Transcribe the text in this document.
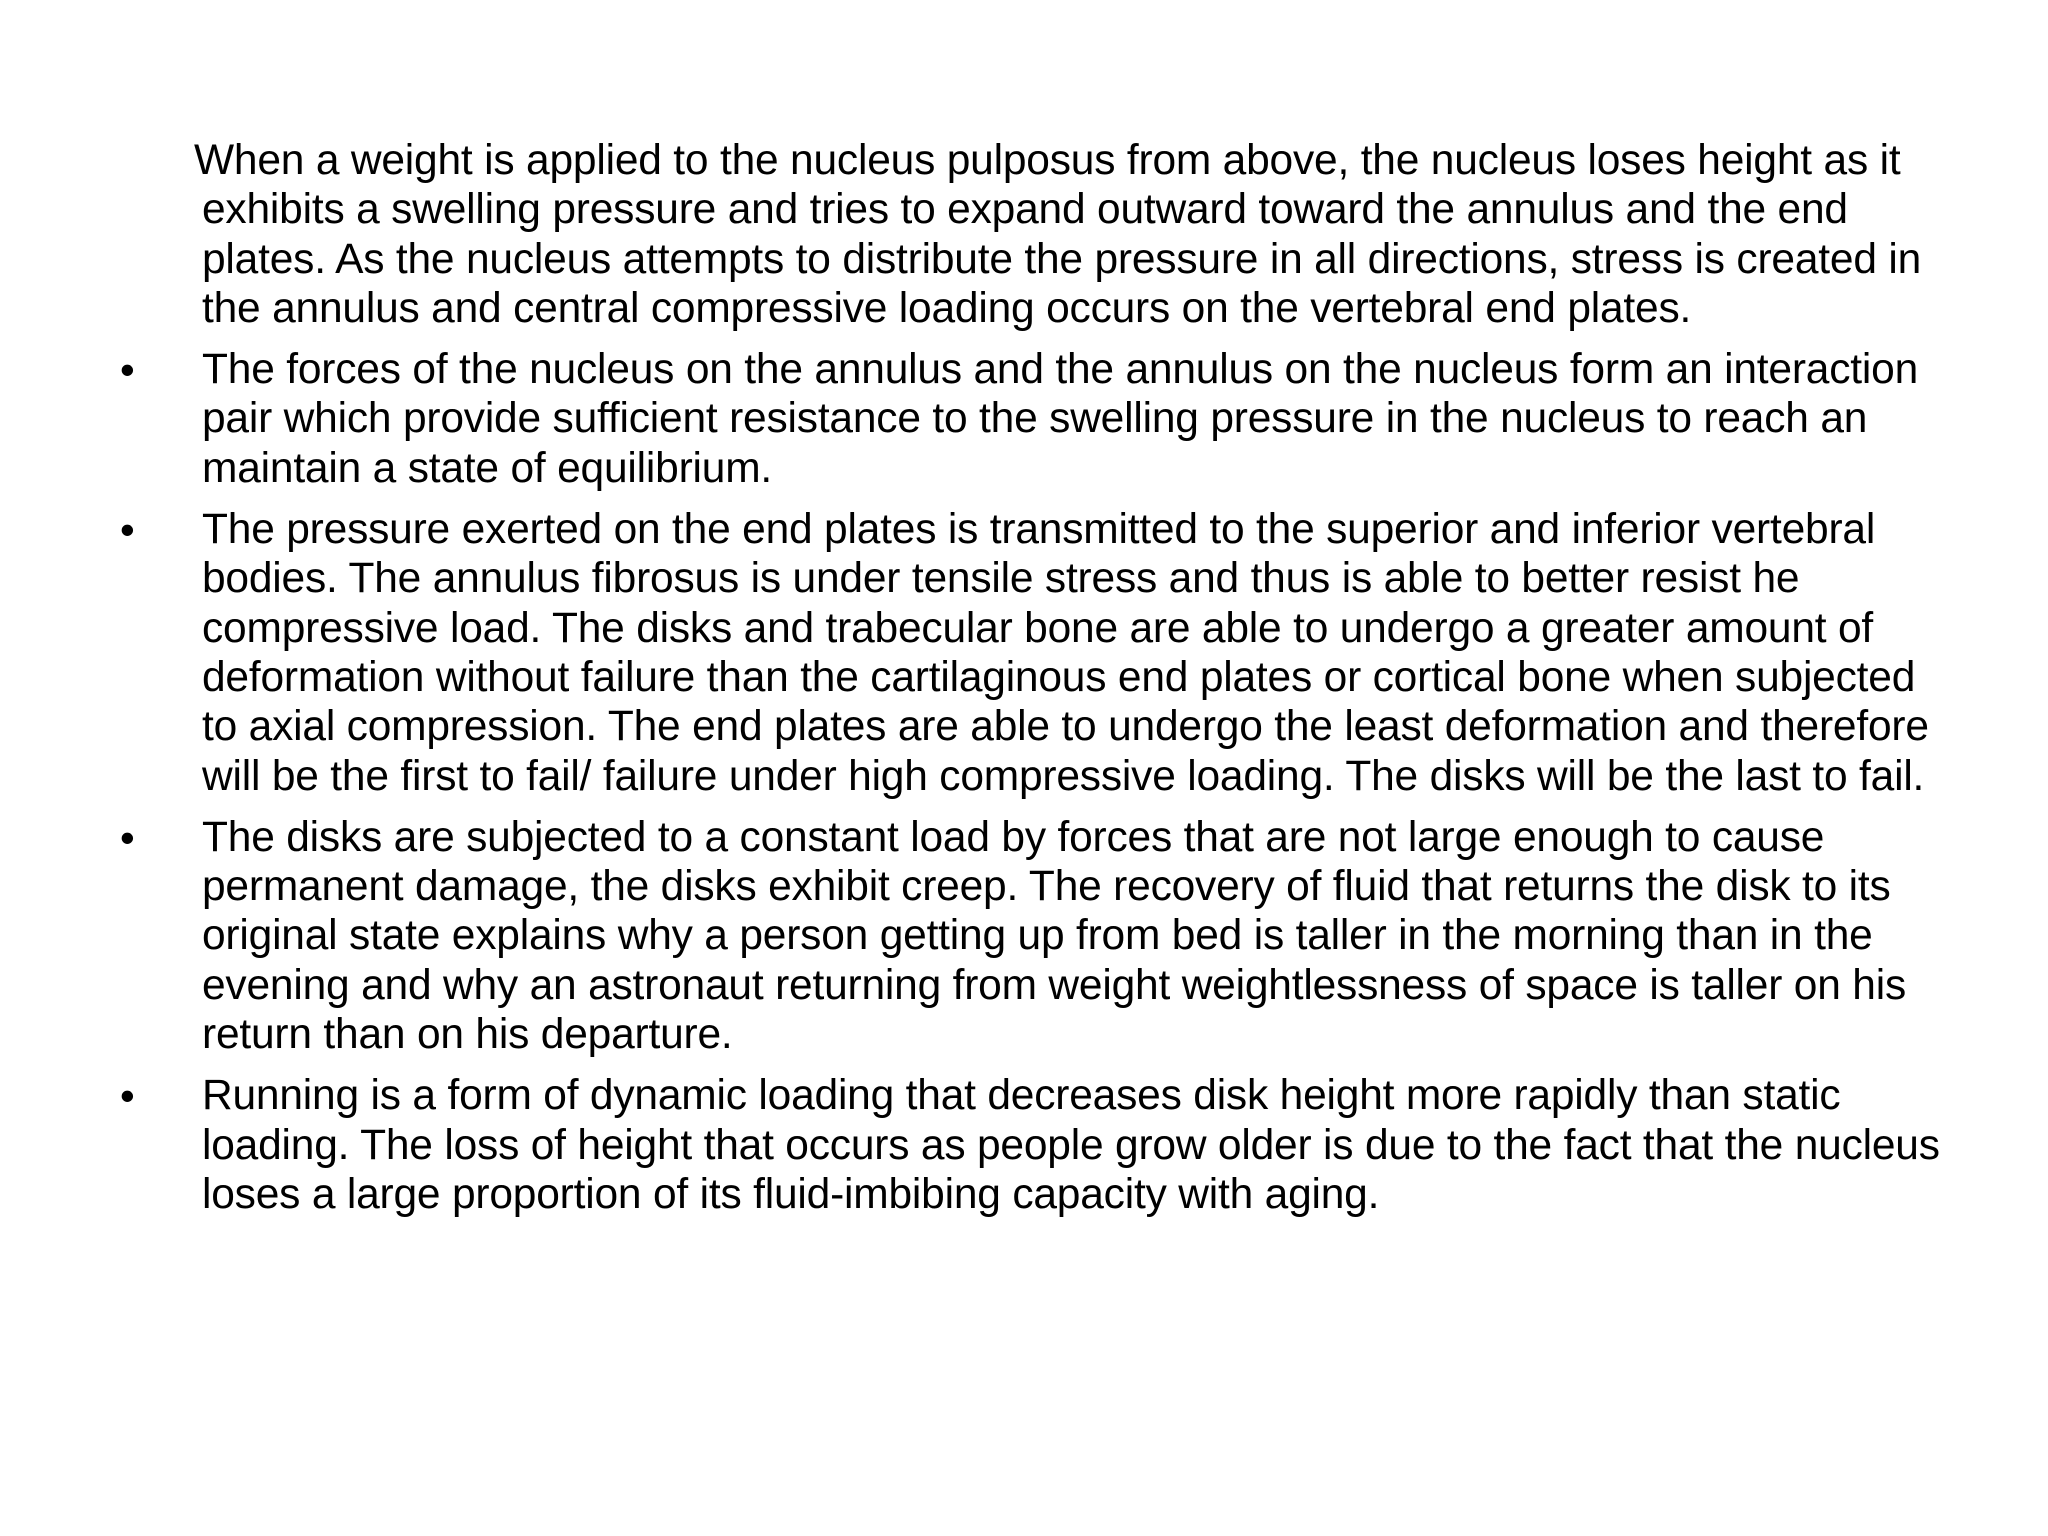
When a weight is applied to the nucleus pulposus from above, the nucleus loses height as it exhibits a swelling pressure and tries to expand outward toward the annulus and the end plates. As the nucleus attempts to distribute the pressure in all directions, stress is created in the annulus and central compressive loading occurs on the vertebral end plates.
•	The forces of the nucleus on the annulus and the annulus on the nucleus form an interaction pair which provide sufficient resistance to the swelling pressure in the nucleus to reach an maintain a state of equilibrium.
•	The pressure exerted on the end plates is transmitted to the superior and inferior vertebral bodies. The annulus fibrosus is under tensile stress and thus is able to better resist he compressive load. The disks and trabecular bone are able to undergo a greater amount of deformation without failure than the cartilaginous end plates or cortical bone when subjected to axial compression. The end plates are able to undergo the least deformation and therefore will be the first to fail/ failure under high compressive loading. The disks will be the last to fail.
•	The disks are subjected to a constant load by forces that are not large enough to cause permanent damage, the disks exhibit creep. The recovery of fluid that returns the disk to its original state explains why a person getting up from bed is taller in the morning than in the evening and why an astronaut returning from weight weightlessness of space is taller on his return than on his departure.
•	Running is a form of dynamic loading that decreases disk height more rapidly than static loading. The loss of height that occurs as people grow older is due to the fact that the nucleus loses a large proportion of its fluid-imbibing capacity with aging.
